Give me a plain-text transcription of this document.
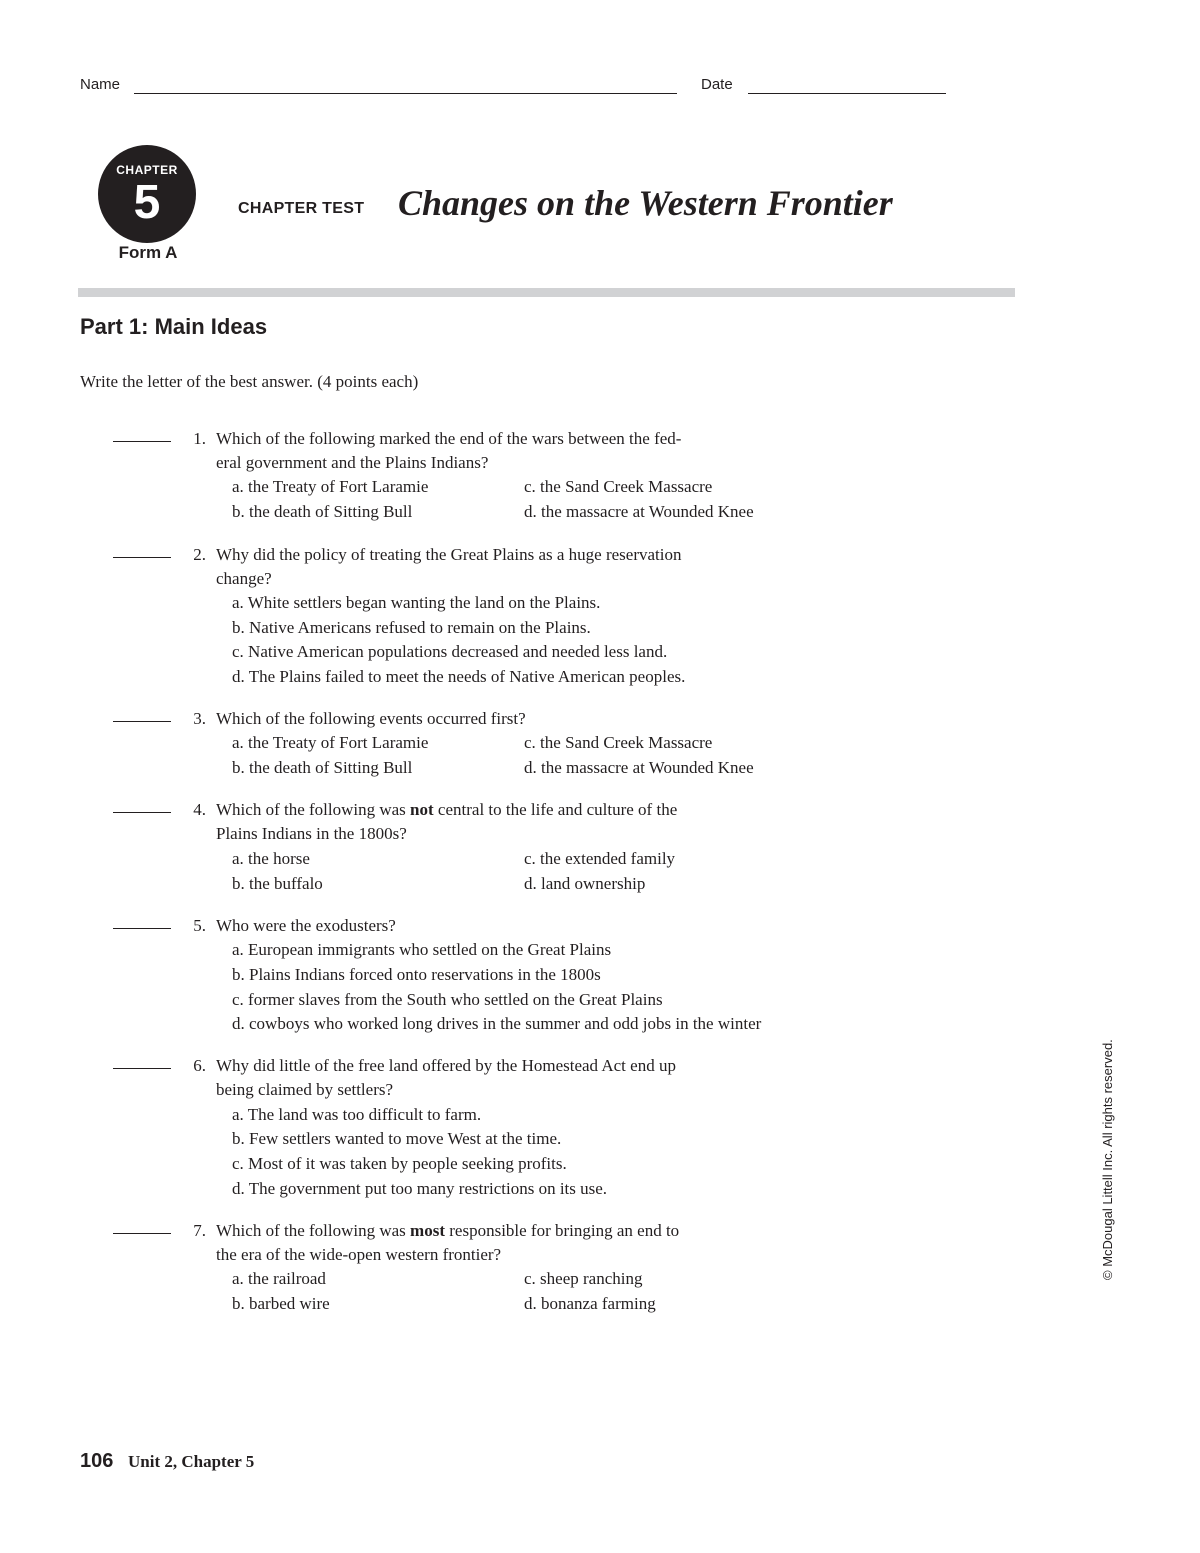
Name	Date
CHAPTER
5
Form A
CHAPTER TEST Changes on the Western Frontier
Part 1: Main Ideas
Write the letter of the best answer. (4 points each)
1. Which of the following marked the end of the wars between the fed-
eral government and the Plains Indians?
a. the Treaty of Fort Laramie	c. the Sand Creek Massacre
b. the death of Sitting Bull	d. the massacre at Wounded Knee
2. Why did the policy of treating the Great Plains as a huge reservation
change?
a. White settlers began wanting the land on the Plains.
b. Native Americans refused to remain on the Plains.
c. Native American populations decreased and needed less land.
d. The Plains failed to meet the needs of Native American peoples.
3. Which of the following events occurred first?
a. the Treaty of Fort Laramie	c. the Sand Creek Massacre
b. the death of Sitting Bull	d. the massacre at Wounded Knee
4. Which of the following was not central to the life and culture of the
Plains Indians in the 1800s?
a. the horse	c. the extended family
b. the buffalo	d. land ownership
5. Who were the exodusters?
a. European immigrants who settled on the Great Plains
b. Plains Indians forced onto reservations in the 1800s
c. former slaves from the South who settled on the Great Plains
d. cowboys who worked long drives in the summer and odd jobs in the winter
6. Why did little of the free land offered by the Homestead Act end up
being claimed by settlers?
a. The land was too difficult to farm.
b. Few settlers wanted to move West at the time.
c. Most of it was taken by people seeking profits.
d. The government put too many restrictions on its use.
7. Which of the following was most responsible for bringing an end to
the era of the wide-open western frontier?
a. the railroad	c. sheep ranching
b. barbed wire	d. bonanza farming
106 Unit 2, Chapter 5
© McDougal Littell Inc. All rights reserved.
